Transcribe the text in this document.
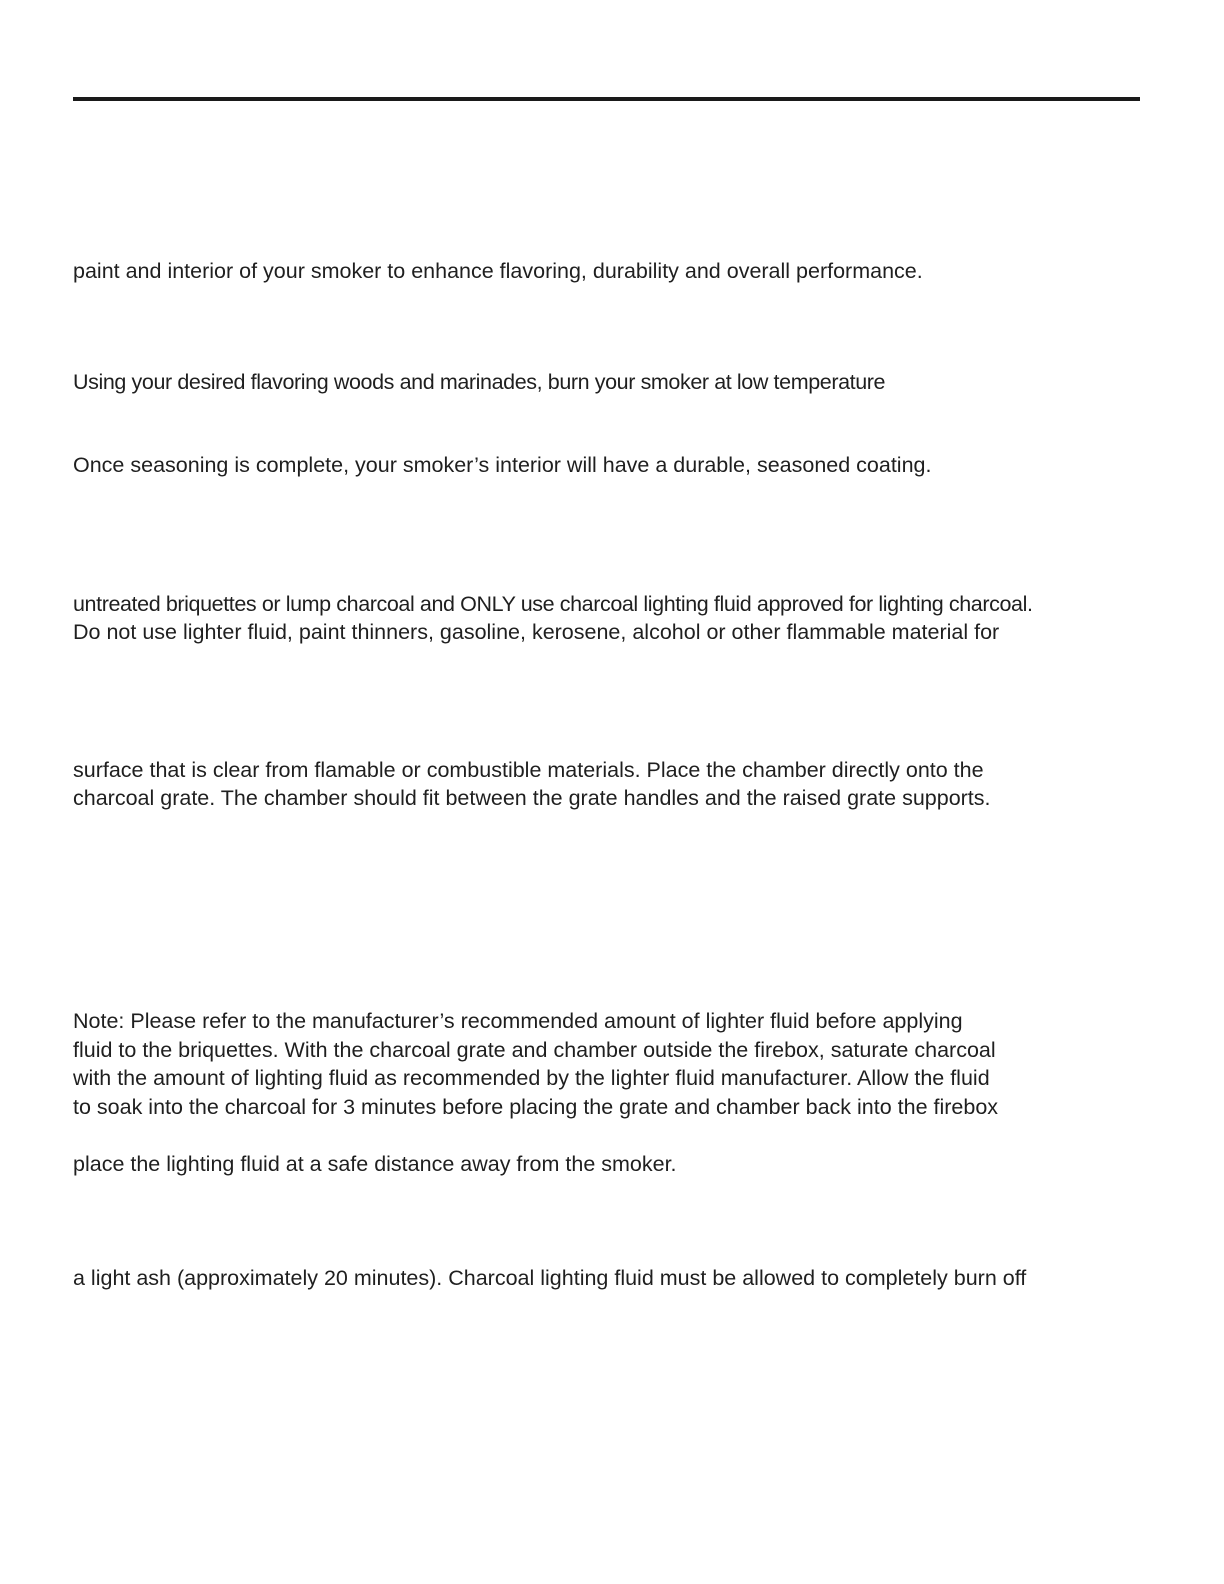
paint and interior of your smoker to enhance flavoring, durability and overall performance.

Using your desired flavoring woods and marinades, burn your smoker at low temperature

Once seasoning is complete, your smoker’s interior will have a durable, seasoned coating.

untreated briquettes or lump charcoal and ONLY use charcoal lighting fluid approved for lighting charcoal.

Do not use lighter fluid, paint thinners, gasoline, kerosene, alcohol or other flammable material for

surface that is clear from flamable or combustible materials. Place the chamber directly onto the

charcoal grate. The chamber should fit between the grate handles and the raised grate supports.

Note: Please refer to the manufacturer’s recommended amount of lighter fluid before applying

fluid to the briquettes. With the charcoal grate and chamber outside the firebox, saturate charcoal

with the amount of lighting fluid as recommended by the lighter fluid manufacturer. Allow the fluid

to soak into the charcoal for 3 minutes before placing the grate and chamber back into the firebox

place the lighting fluid at a safe distance away from the smoker.

a light ash (approximately 20 minutes). Charcoal lighting fluid must be allowed to completely burn off
